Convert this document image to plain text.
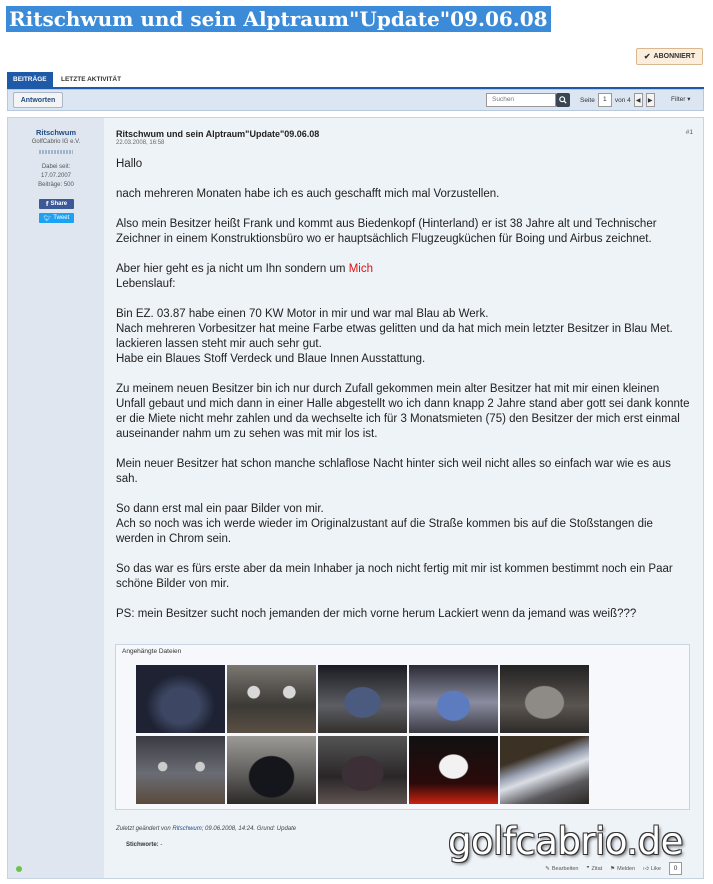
Ritschwum und sein Alptraum"Update"09.06.08
✔ ABONNIERT
BEITRÄGE	LETZTE AKTIVITÄT
Antworten	Suchen	Seite	1	von 4 ◀ ▶	Filter ▾
Ritschwum
GolfCabrio IG e.V.
Dabei seit:
17.07.2007
Beiträge: 500
f Share
🐦︎ Tweet
Ritschwum und sein Alptraum"Update"09.06.08
22.03.2008, 16:58
#1

Hallo

nach mehreren Monaten habe ich es auch geschafft mich mal Vorzustellen.

Also mein Besitzer heißt Frank und kommt aus Biedenkopf (Hinterland) er ist 38 Jahre alt und Technischer Zeichner in einem Konstruktionsbüro wo er hauptsächlich Flugzeugküchen für Boing und Airbus zeichnet.

Aber hier geht es ja nicht um Ihn sondern um Mich
Lebenslauf:

Bin EZ. 03.87 habe einen 70 KW Motor in mir und war mal Blau ab Werk.
Nach mehreren Vorbesitzer hat meine Farbe etwas gelitten und da hat mich mein letzter Besitzer in Blau Met. lackieren lassen steht mir auch sehr gut.
Habe ein Blaues Stoff Verdeck und Blaue Innen Ausstattung.

Zu meinem neuen Besitzer bin ich nur durch Zufall gekommen mein alter Besitzer hat mit mir einen kleinen Unfall gebaut und mich dann in einer Halle abgestellt wo ich dann knapp 2 Jahre stand aber gott sei dank konnte er die Miete nicht mehr zahlen und da wechselte ich für 3 Monatsmieten (75) den Besitzer der mich erst einmal auseinander nahm um zu sehen was mit mir los ist.

Mein neuer Besitzer hat schon manche schlaflose Nacht hinter sich weil nicht alles so einfach war wie es aus sah.

So dann erst mal ein paar Bilder von mir.
Ach so noch was ich werde wieder im Originalzustant auf die Straße kommen bis auf die Stoßstangen die werden in Chrom sein.

So das war es fürs erste aber da mein Inhaber ja noch nicht fertig mit mir ist kommen bestimmt noch ein Paar schöne Bilder von mir.

PS: mein Besitzer sucht noch jemanden der mich vorne herum Lackiert wenn da jemand was weiß???

Angehängte Dateien
Zuletzt geändert von Ritschwum; 09.06.2008, 14:24. Grund: Update
Stichworte: -
✎ Bearbeiten ❞ Zitat ⚑ Melden 👍︎ Like	0
golfcabrio.de
